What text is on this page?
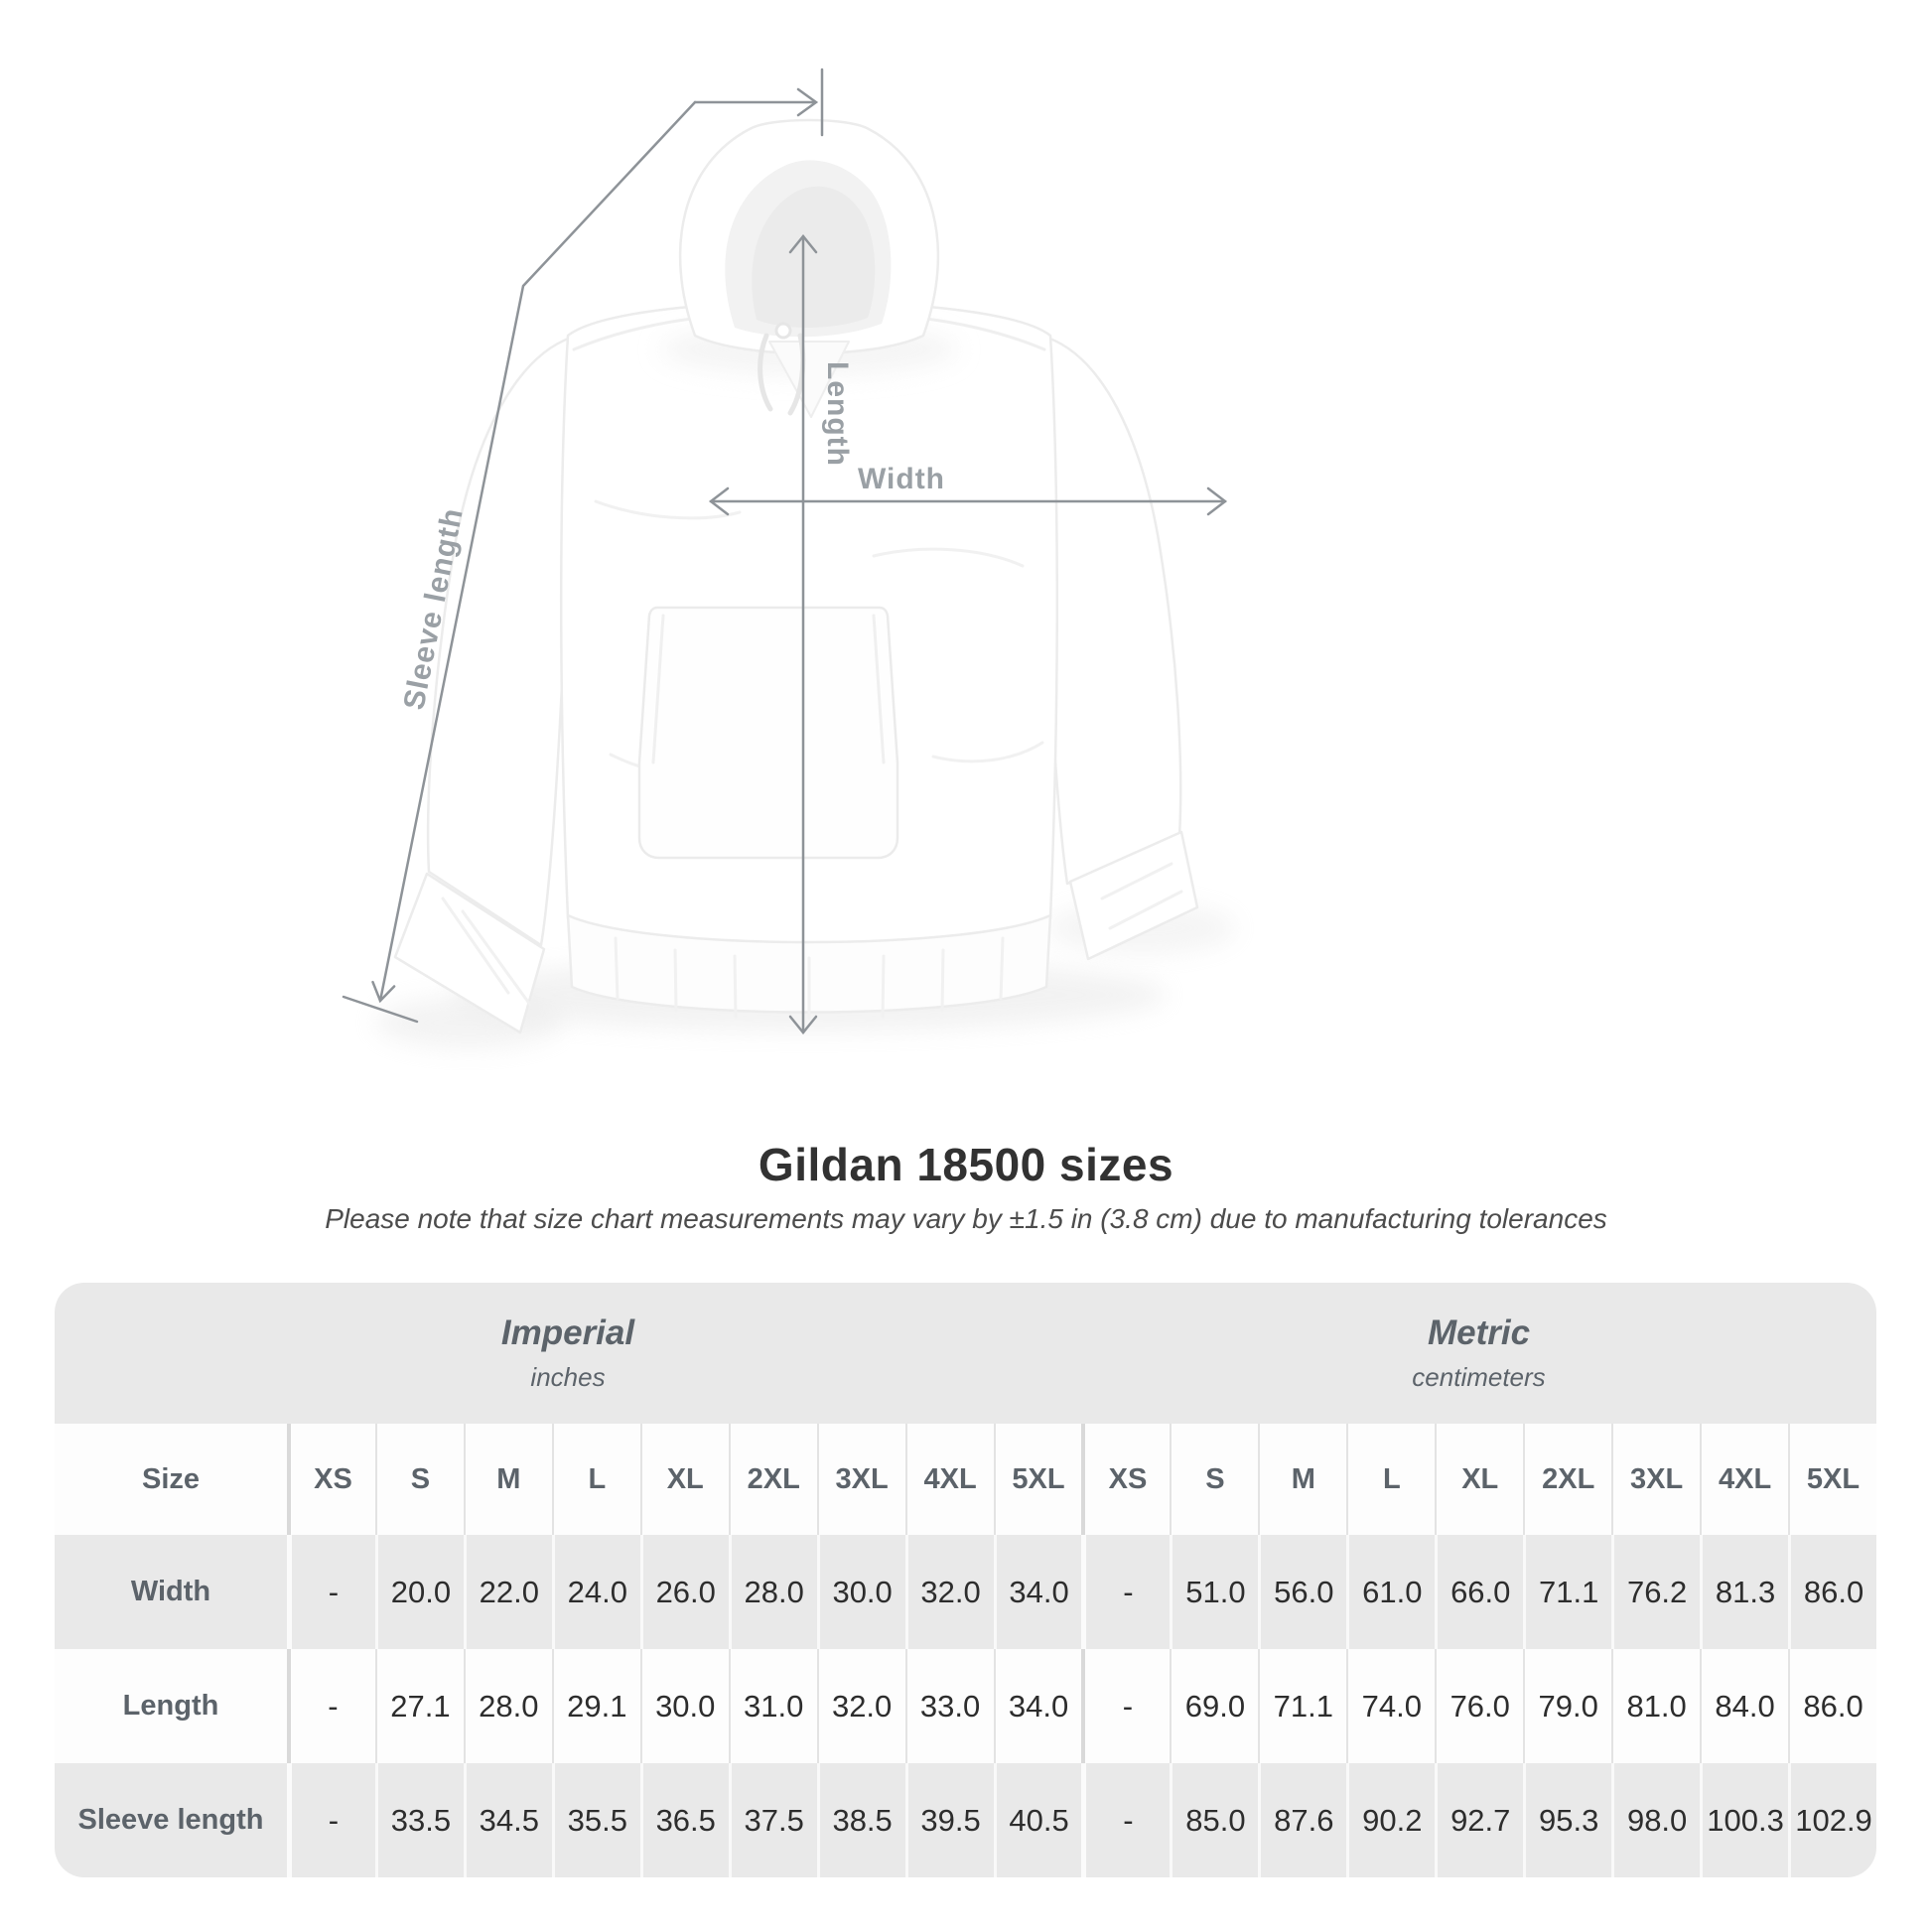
Length
Width
Sleeve length
Gildan 18500 sizes
Please note that size chart measurements may vary by ±1.5 in (3.8 cm) due to manufacturing tolerances
Imperial
inches
Metric
centimeters
Size	XS	S	M	L	XL	2XL	3XL	4XL	5XL	XS	S	M	L	XL	2XL	3XL	4XL	5XL
Width	-	20.0 22.0 24.0 26.0 28.0 30.0 32.0 34.0	-	51.0 56.0 61.0 66.0 71.1 76.2 81.3 86.0
Length	-	27.1 28.0 29.1 30.0 31.0 32.0 33.0 34.0	-	69.0 71.1 74.0 76.0 79.0 81.0 84.0 86.0
Sleeve length	-	33.5 34.5 35.5 36.5 37.5 38.5 39.5 40.5	-	85.0 87.6 90.2 92.7 95.3 98.0 100.3 102.9
